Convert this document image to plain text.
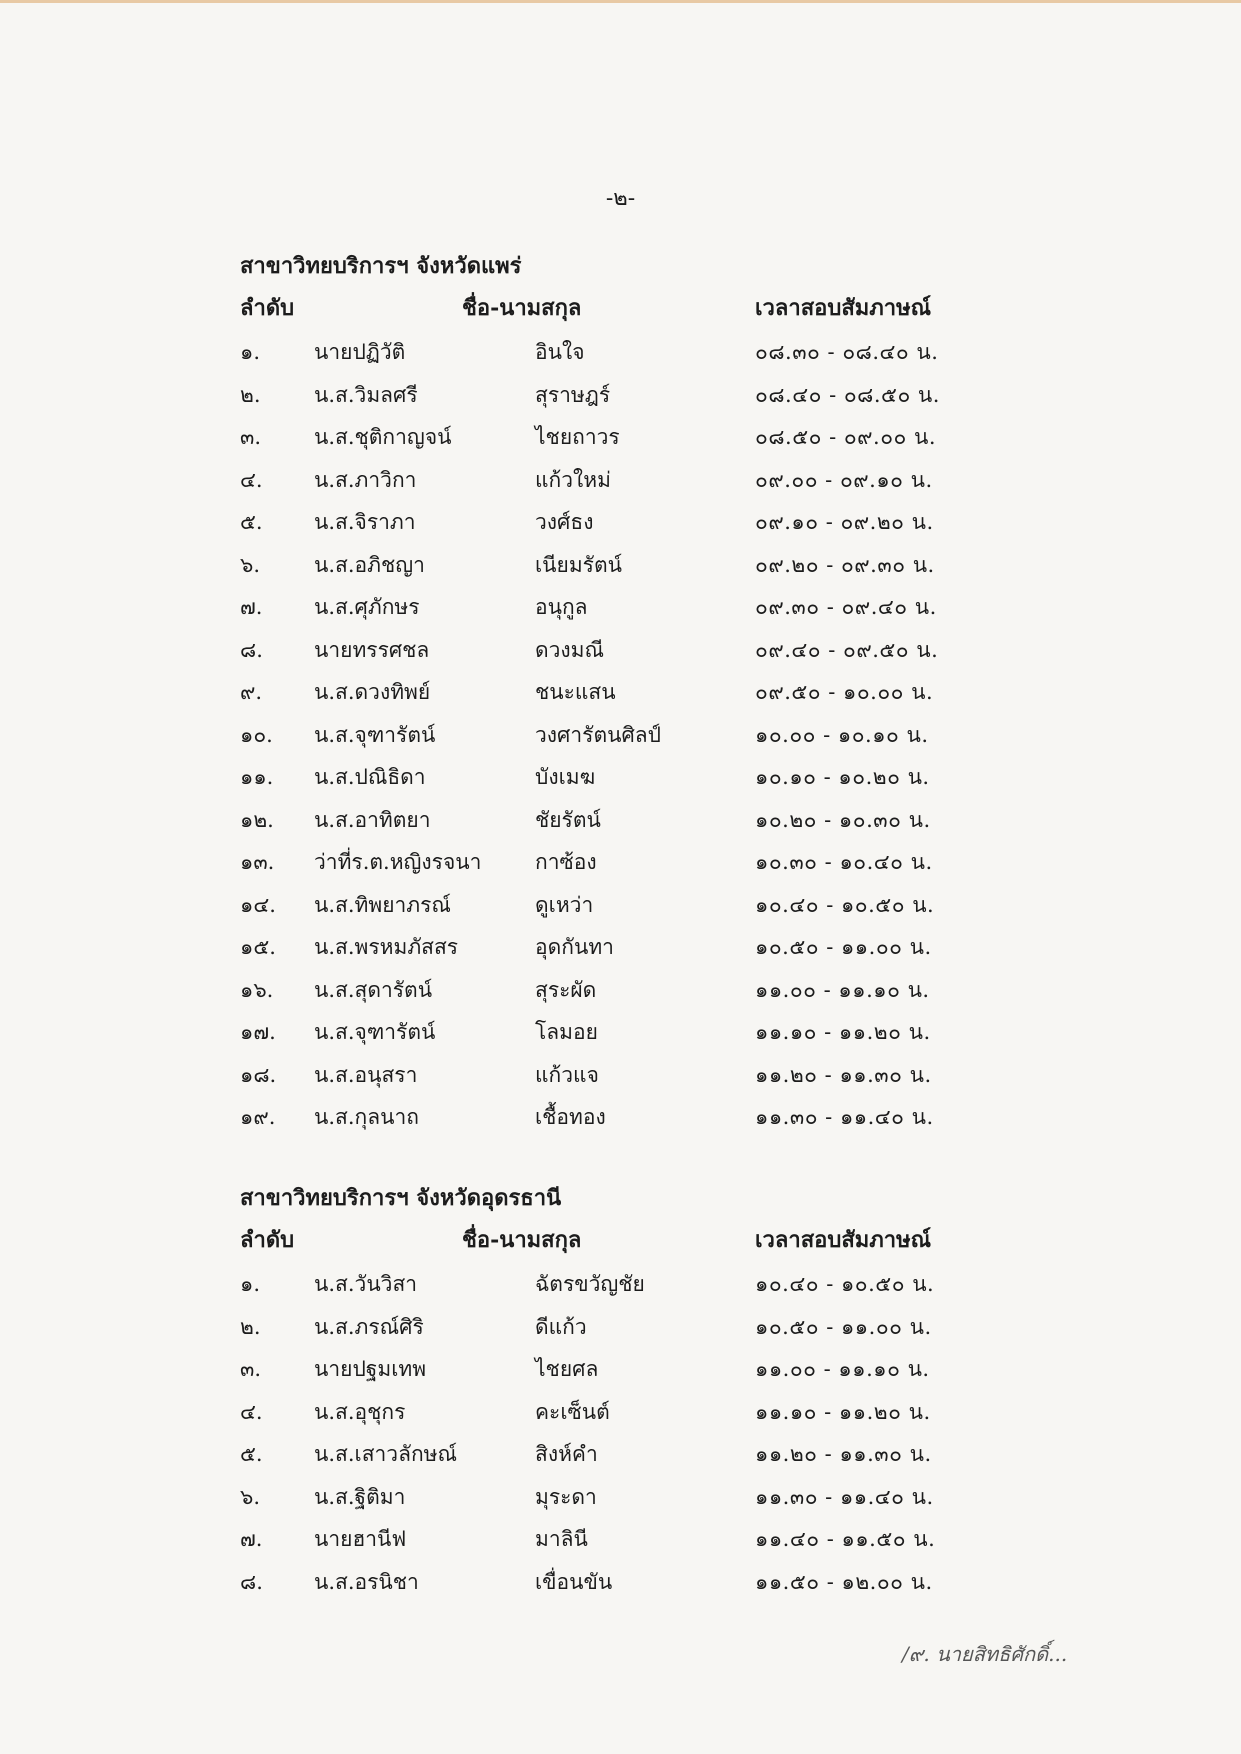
-๒-
สาขาวิทยบริการฯ จังหวัดแพร่
ลำดับ	ชื่อ-นามสกุล	เวลาสอบสัมภาษณ์
๑.	นายปฏิวัติ	อินใจ	๐๘.๓๐ - ๐๘.๔๐ น.
๒.	น.ส.วิมลศรี	สุราษฎร์	๐๘.๔๐ - ๐๘.๕๐ น.
๓.	น.ส.ชุติกาญจน์	ไชยถาวร	๐๘.๕๐ - ๐๙.๐๐ น.
๔.	น.ส.ภาวิกา	แก้วใหม่	๐๙.๐๐ - ๐๙.๑๐ น.
๕.	น.ส.จิราภา	วงศ์ธง	๐๙.๑๐ - ๐๙.๒๐ น.
๖.	น.ส.อภิชญา	เนียมรัตน์	๐๙.๒๐ - ๐๙.๓๐ น.
๗.	น.ส.ศุภักษร	อนุกูล	๐๙.๓๐ - ๐๙.๔๐ น.
๘.	นายทรรศชล	ดวงมณี	๐๙.๔๐ - ๐๙.๕๐ น.
๙.	น.ส.ดวงทิพย์	ชนะแสน	๐๙.๕๐ - ๑๐.๐๐ น.
๑๐.	น.ส.จุฑารัตน์	วงศารัตนศิลป์	๑๐.๐๐ - ๑๐.๑๐ น.
๑๑.	น.ส.ปณิธิดา	บังเมฆ	๑๐.๑๐ - ๑๐.๒๐ น.
๑๒.	น.ส.อาทิตยา	ชัยรัตน์	๑๐.๒๐ - ๑๐.๓๐ น.
๑๓.	ว่าที่ร.ต.หญิงรจนา	กาซ้อง	๑๐.๓๐ - ๑๐.๔๐ น.
๑๔.	น.ส.ทิพยาภรณ์	ดูเหว่า	๑๐.๔๐ - ๑๐.๕๐ น.
๑๕.	น.ส.พรหมภัสสร	อุดกันทา	๑๐.๕๐ - ๑๑.๐๐ น.
๑๖.	น.ส.สุดารัตน์	สุระผัด	๑๑.๐๐ - ๑๑.๑๐ น.
๑๗.	น.ส.จุฑารัตน์	โลมอย	๑๑.๑๐ - ๑๑.๒๐ น.
๑๘.	น.ส.อนุสรา	แก้วแจ	๑๑.๒๐ - ๑๑.๓๐ น.
๑๙.	น.ส.กุลนาถ	เชื้อทอง	๑๑.๓๐ - ๑๑.๔๐ น.
สาขาวิทยบริการฯ จังหวัดอุดรธานี
ลำดับ	ชื่อ-นามสกุล	เวลาสอบสัมภาษณ์
๑.	น.ส.วันวิสา	ฉัตรขวัญชัย	๑๐.๔๐ - ๑๐.๕๐ น.
๒.	น.ส.ภรณ์ศิริ	ดีแก้ว	๑๐.๕๐ - ๑๑.๐๐ น.
๓.	นายปฐมเทพ	ไชยศล	๑๑.๐๐ - ๑๑.๑๐ น.
๔.	น.ส.อุชุกร	คะเซ็นต์	๑๑.๑๐ - ๑๑.๒๐ น.
๕.	น.ส.เสาวลักษณ์	สิงห์คำ	๑๑.๒๐ - ๑๑.๓๐ น.
๖.	น.ส.ฐิติมา	มุระดา	๑๑.๓๐ - ๑๑.๔๐ น.
๗.	นายฮานีฟ	มาลินี	๑๑.๔๐ - ๑๑.๕๐ น.
๘.	น.ส.อรนิชา	เขื่อนขัน	๑๑.๕๐ - ๑๒.๐๐ น.
/๙. นายสิทธิศักดิ์...
